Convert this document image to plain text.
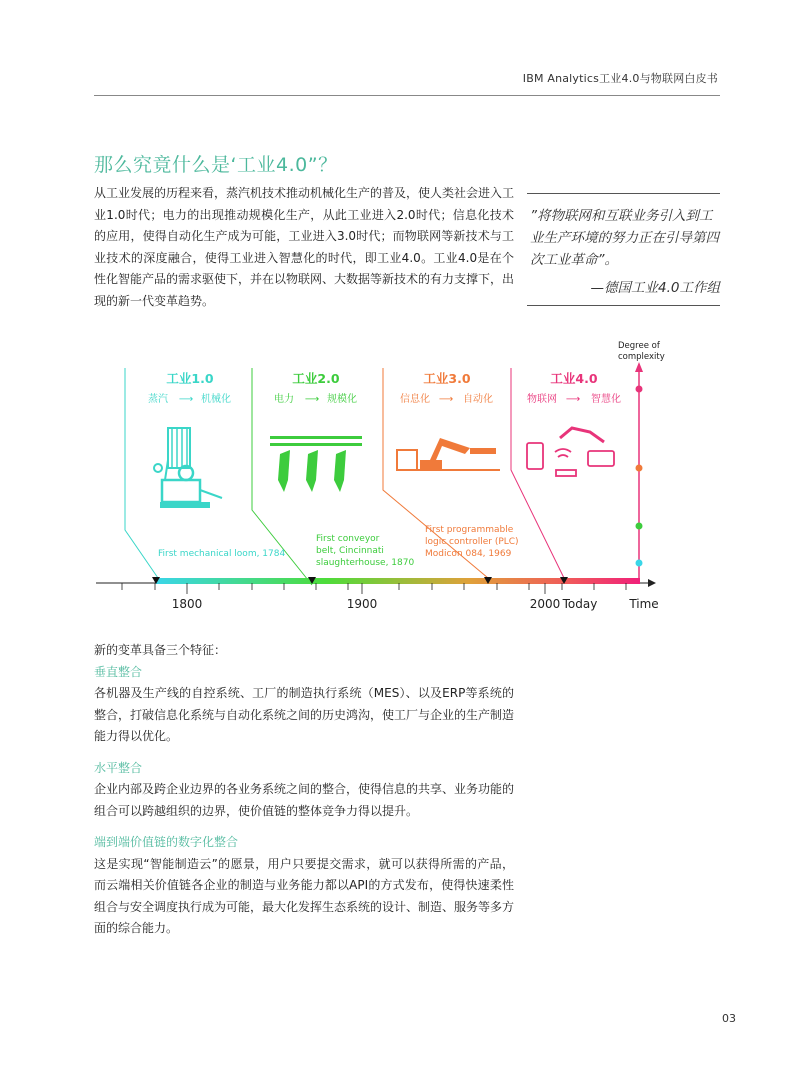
IBM Analytics工业4.0与物联网白皮书
那么究竟什么是‘工业4.0”？
从工业发展的历程来看，蒸汽机技术推动机械化生产的普及，使人类社会进入工业1.0时代；电力的出现推动规模化生产，从此工业进入2.0时代；信息化技术的应用，使得自动化生产成为可能，工业进入3.0时代；而物联网等新技术与工业技术的深度融合，使得工业进入智慧化的时代，即工业4.0。工业4.0是在个性化智能产品的需求驱使下，并在以物联网、大数据等新技术的有力支撑下，出现的新一代变革趋势。
”将物联网和互联业务引入到工业生产环境的努力正在引导第四次工业革命”。
—德国工业4.0工作组
工业1.0	工业2.0	工业3.0	工业4.0
蒸汽 ⟶ 机械化	电力 ⟶ 规模化	信息化 ⟶ 自动化	物联网 ⟶ 智慧化
First mechanical loom, 1784
First conveyor
belt, Cincinnati
slaughterhouse, 1870
First programmable
logic controller (PLC)
Modicon 084, 1969
Degree of
complexity
1800	1900	2000 Today	Time

新的变革具备三个特征：

垂直整合

各机器及生产线的自控系统、工厂的制造执行系统（MES）、以及ERP等系统的整合，打破信息化系统与自动化系统之间的历史鸿沟，使工厂与企业的生产制造能力得以优化。

水平整合

企业内部及跨企业边界的各业务系统之间的整合，使得信息的共享、业务功能的组合可以跨越组织的边界，使价值链的整体竞争力得以提升。

端到端价值链的数字化整合

这是实现“智能制造云”的愿景，用户只要提交需求，就可以获得所需的产品，而云端相关价值链各企业的制造与业务能力都以API的方式发布，使得快速柔性组合与安全调度执行成为可能，最大化发挥生态系统的设计、制造、服务等多方面的综合能力。

03
